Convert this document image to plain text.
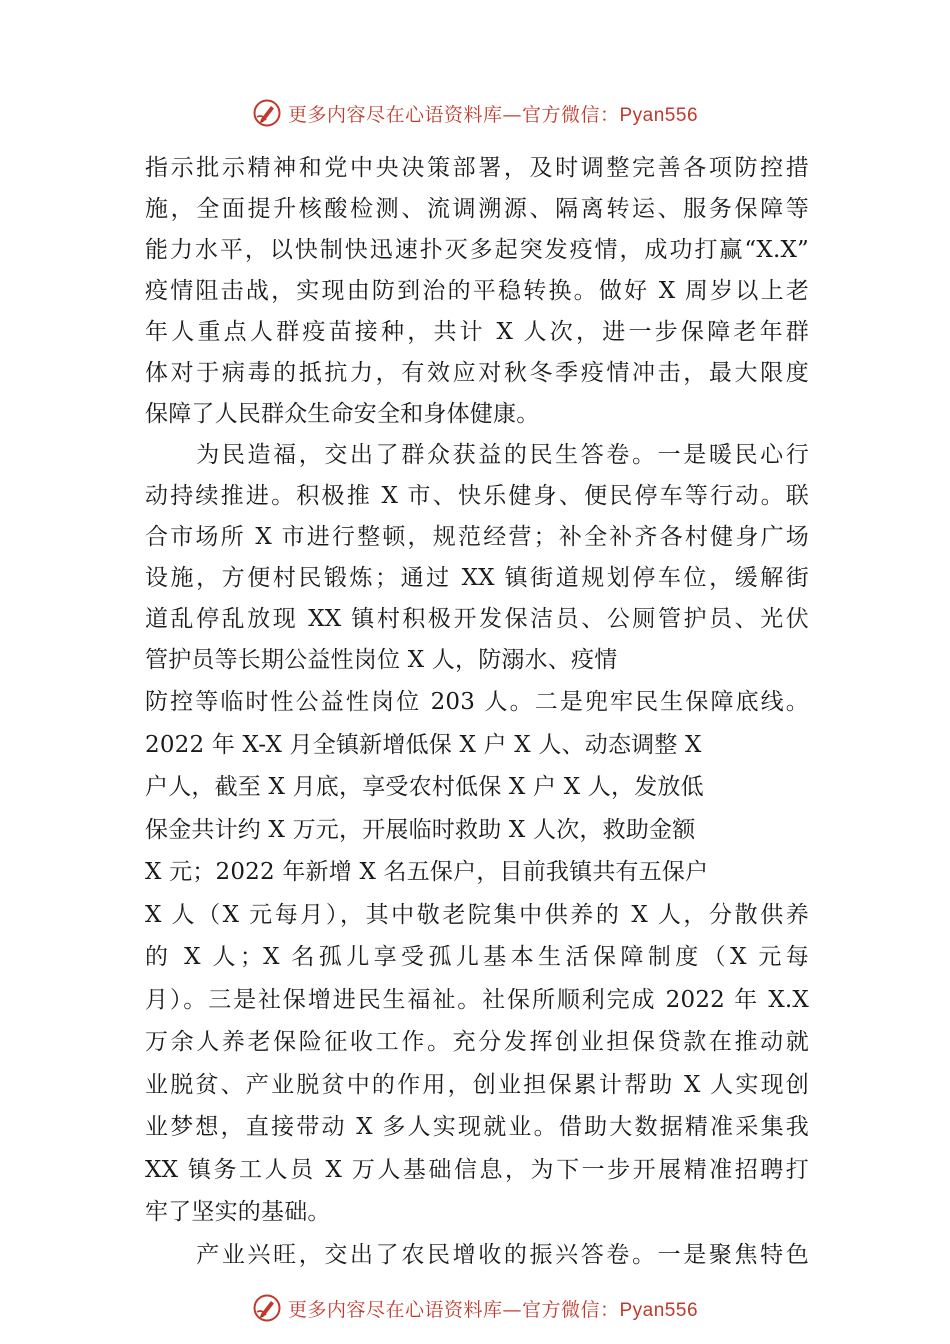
更多内容尽在心语资料库—官方微信：Pyan556
指示批示精神和党中央决策部署，及时调整完善各项防控措
施，全面提升核酸检测、流调溯源、隔离转运、服务保障等
能力水平，以快制快迅速扑灭多起突发疫情，成功打赢“X.X”
疫情阻击战，实现由防到治的平稳转换。做好 X 周岁以上老
年人重点人群疫苗接种，共计 X 人次，进一步保障老年群
体对于病毒的抵抗力，有效应对秋冬季疫情冲击，最大限度
保障了人民群众生命安全和身体健康。
　　为民造福，交出了群众获益的民生答卷。一是暖民心行
动持续推进。积极推 X 市、快乐健身、便民停车等行动。联
合市场所 X 市进行整顿，规范经营；补全补齐各村健身广场
设施，方便村民锻炼；通过 XX 镇街道规划停车位，缓解街
道乱停乱放现 XX 镇村积极开发保洁员、公厕管护员、光伏
管护员等长期公益性岗位 X 人，防溺水、疫情
防控等临时性公益性岗位 203 人。二是兜牢民生保障底线。
2022 年 X-X 月全镇新增低保 X 户 X 人、动态调整 X
户人，截至 X 月底，享受农村低保 X 户 X 人，发放低
保金共计约 X 万元，开展临时救助 X 人次，救助金额
X 元；2022 年新增 X 名五保户，目前我镇共有五保户
X 人（X 元每月），其中敬老院集中供养的 X 人，分散供养
的 X 人；X 名孤儿享受孤儿基本生活保障制度（X 元每
月）。三是社保增进民生福祉。社保所顺利完成 2022 年 X.X
万余人养老保险征收工作。充分发挥创业担保贷款在推动就
业脱贫、产业脱贫中的作用，创业担保累计帮助 X 人实现创
业梦想，直接带动 X 多人实现就业。借助大数据精准采集我
XX 镇务工人员 X 万人基础信息，为下一步开展精准招聘打
牢了坚实的基础。
　　产业兴旺，交出了农民增收的振兴答卷。一是聚焦特色
更多内容尽在心语资料库—官方微信：Pyan556
